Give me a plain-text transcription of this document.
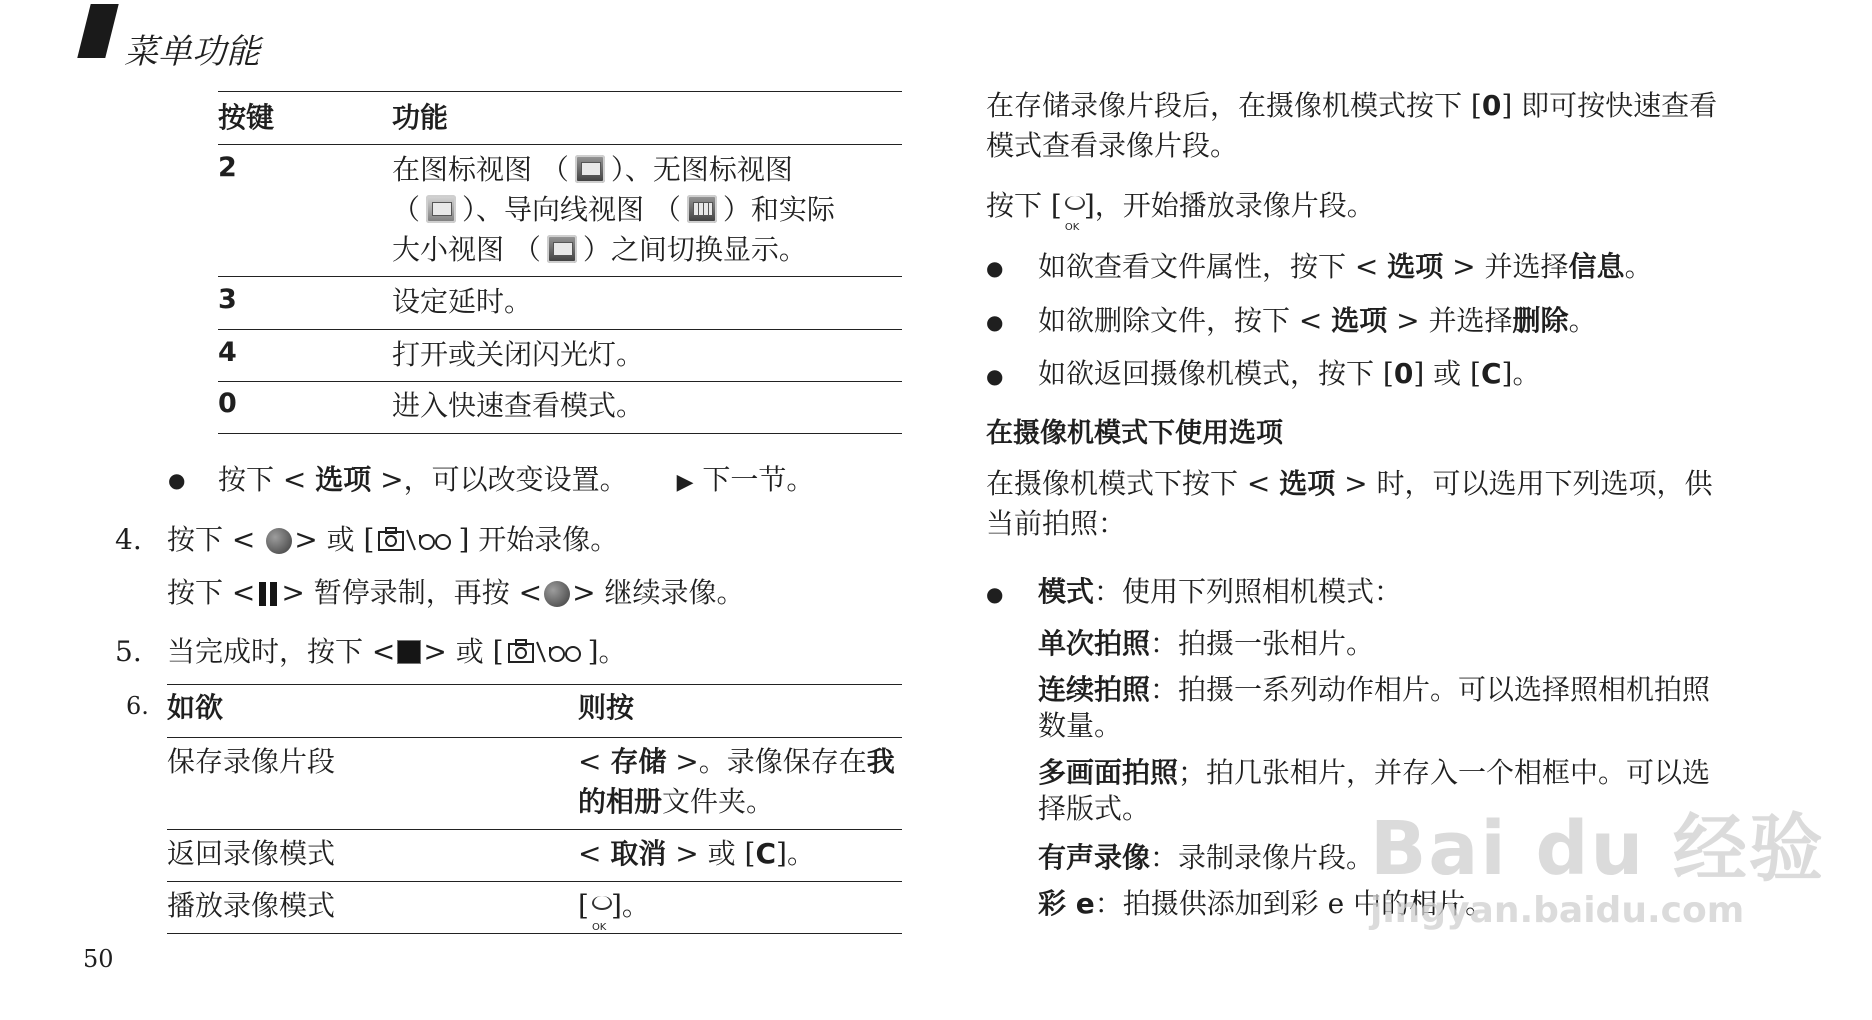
菜单功能
按键	功能
2	在图标视图 （ ）、无图标视图
（ ）、导向线视图 （ ）和实际
大小视图 （ ）之间切换显示。
3	设定延时。
4	打开或关闭闪光灯。
0	进入快速查看模式。
● 按下 < 选项 >，可以改变设置。 ▶ 下一节。
4. 按下 < > 或 [	] 开始录像。
按下 < > 暂停录制，再按 < > 继续录像。
5. 当完成时，按下 < > 或 [	]。
6. 如欲	则按
保存录像片段	< 存储 >。录像保存在我
的相册文件夹。
返回录像模式	< 取消 > 或 [C]。
播放录像模式	[
OK
]。
50
在存储录像片段后，在摄像机模式按下 [0] 即可按快速查看
模式查看录像片段。
按下 [
OK
]，开始播放录像片段。
● 如欲查看文件属性，按下 < 选项 > 并选择信息。
● 如欲删除文件，按下 < 选项 > 并选择删除。
● 如欲返回摄像机模式，按下 [0] 或 [C]。
在摄像机模式下使用选项
在摄像机模式下按下 < 选项 > 时，可以选用下列选项，供
当前拍照：
● 模式：使用下列照相机模式：
单次拍照：拍摄一张相片。
连续拍照：拍摄一系列动作相片。可以选择照相机拍照
数量。
多画面拍照；拍几张相片，并存入一个相框中。可以选
择版式。
有声录像：录制录像片段。
彩 e：拍摄供添加到彩 e 中的相片。
Bai du 经验
jingyan.baidu.com
